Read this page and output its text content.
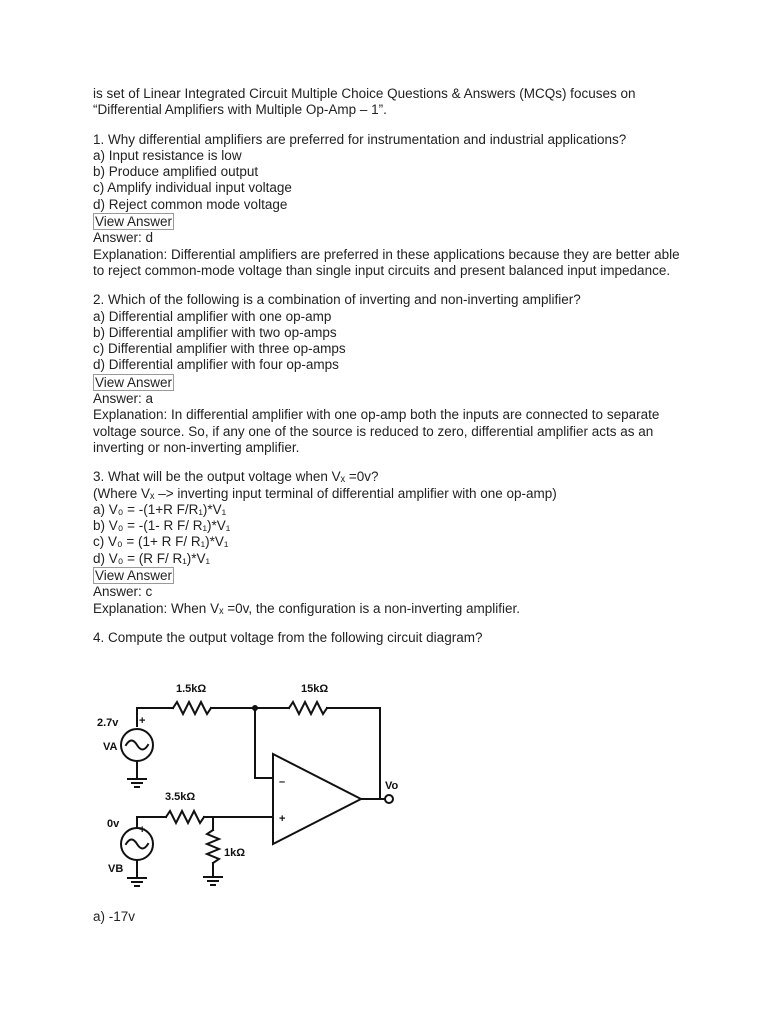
is set of Linear Integrated Circuit Multiple Choice Questions & Answers (MCQs) focuses on “Differential Amplifiers with Multiple Op-Amp – 1”.

1. Why differential amplifiers are preferred for instrumentation and industrial applications?

a) Input resistance is low

b) Produce amplified output

c) Amplify individual input voltage

d) Reject common mode voltage

View Answer

Answer: d

Explanation: Differential amplifiers are preferred in these applications because they are better able to reject common-mode voltage than single input circuits and present balanced input impedance.

2. Which of the following is a combination of inverting and non-inverting amplifier?

a) Differential amplifier with one op-amp

b) Differential amplifier with two op-amps

c) Differential amplifier with three op-amps

d) Differential amplifier with four op-amps

View Answer

Answer: a

Explanation: In differential amplifier with one op-amp both the inputs are connected to separate voltage source. So, if any one of the source is reduced to zero, differential amplifier acts as an inverting or non-inverting amplifier.

3. What will be the output voltage when Vₓ =0v?

(Where Vₓ –> inverting input terminal of differential amplifier with one op-amp)

a) V₀ = -(1+R F/R₁)*V₁

b) V₀ = -(1- R F/ R₁)*V₁

c) V₀ = (1+ R F/ R₁)*V₁

d) V₀ = (R F/ R₁)*V₁

View Answer

Answer: c

Explanation: When Vₓ =0v, the configuration is a non-inverting amplifier.

4. Compute the output voltage from the following circuit diagram?

1.5kΩ	15kΩ
2.7v
VA
+
–
+
Vo
3.5kΩ
0v +
VB
1kΩ

a) -17v
